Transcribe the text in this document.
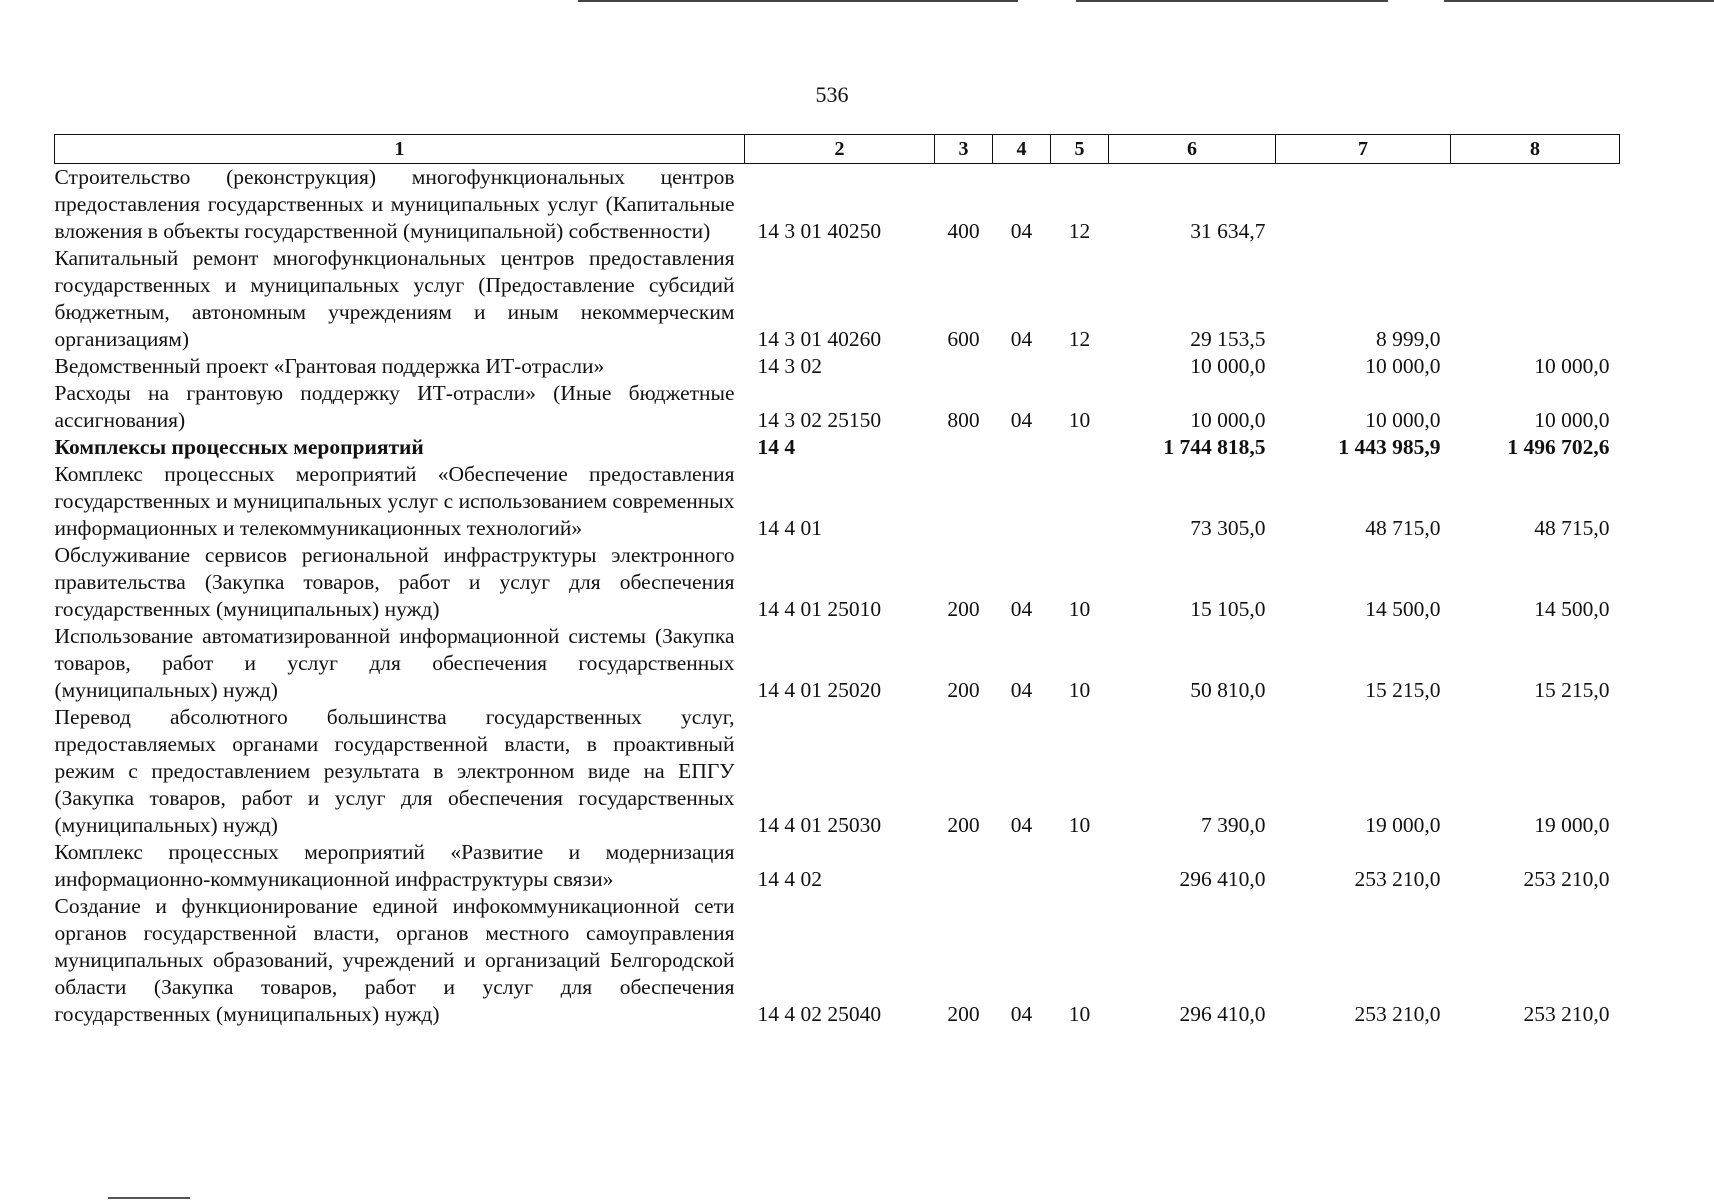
536
1	2	3	4	5	6	7	8
Строительство (реконструкция) многофункциональных центров предоставления государственных и муниципальных услуг (Капитальные вложения в объекты государственной (муниципальной) собственности)	14 3 01 40250	400	04	12	31 634,7		
Капитальный ремонт многофункциональных центров предоставления государственных и муниципальных услуг (Предоставление субсидий бюджетным, автономным учреждениям и иным некоммерческим организациям)	14 3 01 40260	600	04	12	29 153,5	8 999,0	
Ведомственный проект «Грантовая поддержка ИТ-отрасли»	14 3 02				10 000,0	10 000,0	10 000,0
Расходы на грантовую поддержку ИТ-отрасли» (Иные бюджетные ассигнования)	14 3 02 25150	800	04	10	10 000,0	10 000,0	10 000,0
Комплексы процессных мероприятий	14 4				1 744 818,5	1 443 985,9	1 496 702,6
Комплекс процессных мероприятий «Обеспечение предоставления государственных и муниципальных услуг с использованием современных информационных и телекоммуникационных технологий»	14 4 01				73 305,0	48 715,0	48 715,0
Обслуживание сервисов региональной инфраструктуры электронного правительства (Закупка товаров, работ и услуг для обеспечения государственных (муниципальных) нужд)	14 4 01 25010	200	04	10	15 105,0	14 500,0	14 500,0
Использование автоматизированной информационной системы (Закупка товаров, работ и услуг для обеспечения государственных (муниципальных) нужд)	14 4 01 25020	200	04	10	50 810,0	15 215,0	15 215,0
Перевод абсолютного большинства государственных услуг, предоставляемых органами государственной власти, в проактивный режим с предоставлением результата в электронном виде на ЕПГУ (Закупка товаров, работ и услуг для обеспечения государственных (муниципальных) нужд)	14 4 01 25030	200	04	10	7 390,0	19 000,0	19 000,0
Комплекс процессных мероприятий «Развитие и модернизация информационно-коммуникационной инфраструктуры связи»	14 4 02				296 410,0	253 210,0	253 210,0
Создание и функционирование единой инфокоммуникационной сети органов государственной власти, органов местного самоуправления муниципальных образований, учреждений и организаций Белгородской области (Закупка товаров, работ и услуг для обеспечения государственных (муниципальных) нужд)	14 4 02 25040	200	04	10	296 410,0	253 210,0	253 210,0
